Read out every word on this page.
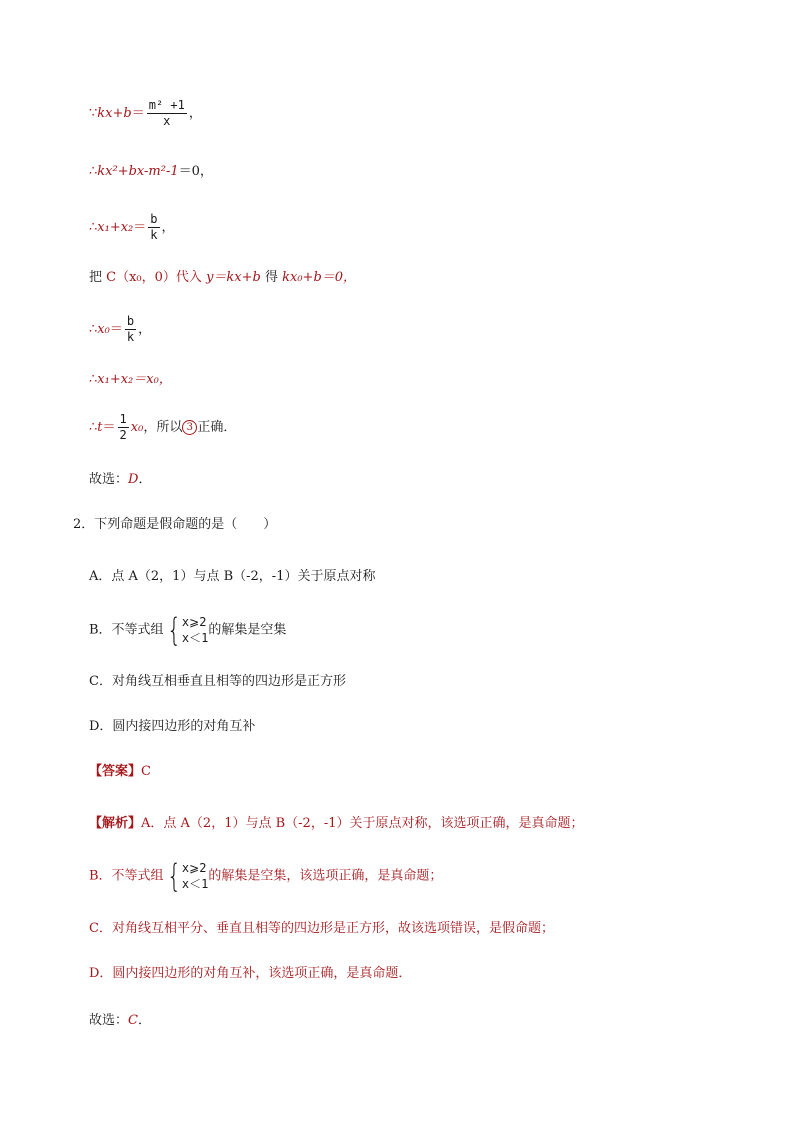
∵kx+b＝ $\frac{\text{m² +1}}{x}$ ，
∴kx²+bx-m²-1＝0，
∴x₁+x₂＝ $\frac{b}{k}$ ，
把 C（x₀，0）代入 y＝kx+b 得 kx₀+b＝0，
∴x₀＝ $\frac{b}{k}$ ，
∴x₁+x₂＝x₀，
∴t＝ $\frac{1}{2} x_0$，所以 3 正确．
故选：D．
2．下列命题是假命题的是（　　）
A．点 A（2，1）与点 B（-2，-1）关于原点对称
B．不等式组 { x⩾2
x＜1
的解集是空集
C．对角线互相垂直且相等的四边形是正方形
D．圆内接四边形的对角互补
【答案】C
【解析】A．点 A（2，1）与点 B（-2，-1）关于原点对称，该选项正确，是真命题；
B．不等式组 { x⩾2
x＜1
的解集是空集，该选项正确，是真命题；
C．对角线互相平分、垂直且相等的四边形是正方形，故该选项错误，是假命题；
D．圆内接四边形的对角互补，该选项正确，是真命题．
故选：C．
